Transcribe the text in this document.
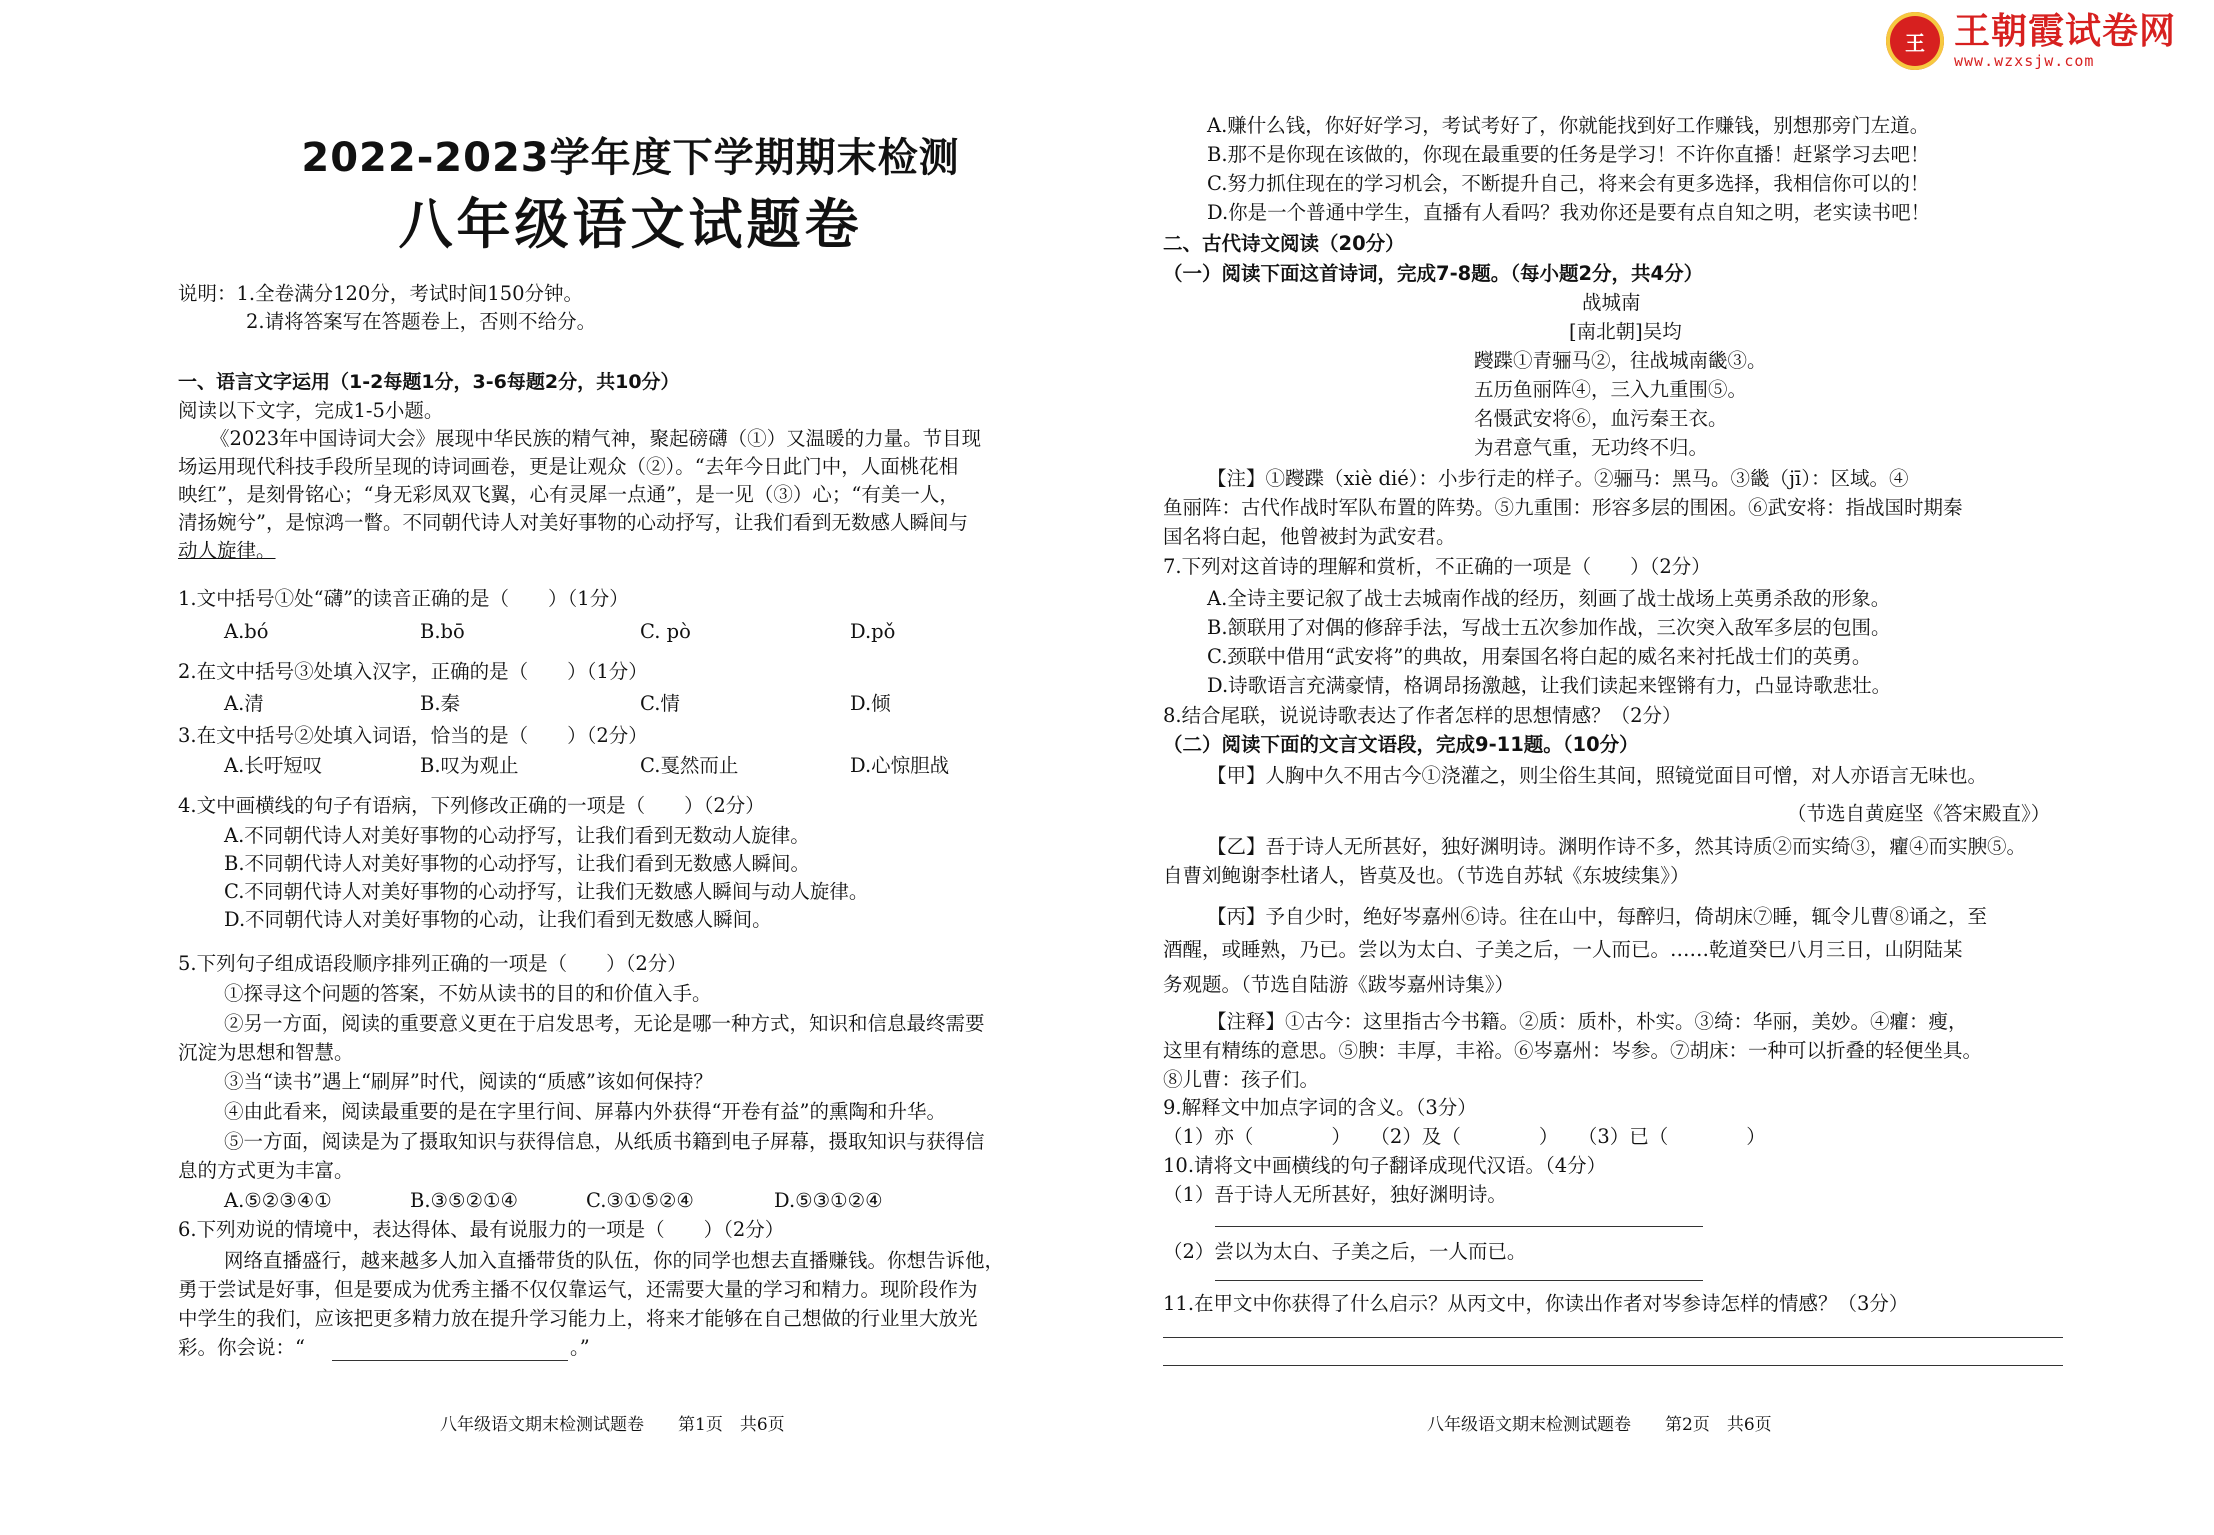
王 王朝霞试卷网
www.wzxsjw.com
2022-2023学年度下学期期末检测
八年级语文试题卷
说明：1.全卷满分120分，考试时间150分钟。
2.请将答案写在答题卷上，否则不给分。
一、语言文字运用（1-2每题1分，3-6每题2分，共10分）
阅读以下文字，完成1-5小题。
《2023年中国诗词大会》展现中华民族的精气神，聚起磅礴（①）又温暖的力量。节目现
场运用现代科技手段所呈现的诗词画卷，更是让观众（②）。“去年今日此门中，人面桃花相
映红”，是刻骨铭心；“身无彩凤双飞翼，心有灵犀一点通”，是一见（③）心；“有美一人，
清扬婉兮”，是惊鸿一瞥。不同朝代诗人对美好事物的心动抒写，让我们看到无数感人瞬间与
动人旋律。
1.文中括号①处“礴”的读音正确的是（　　）（1分）
A.bó	B.bō	C. pò	D.pǒ
2.在文中括号③处填入汉字，正确的是（　　）（1分）
A.清	B.秦	C.情	D.倾
3.在文中括号②处填入词语，恰当的是（　　）（2分）
A.长吁短叹	B.叹为观止	C.戛然而止	D.心惊胆战
4.文中画横线的句子有语病，下列修改正确的一项是（　　）（2分）
A.不同朝代诗人对美好事物的心动抒写，让我们看到无数动人旋律。
B.不同朝代诗人对美好事物的心动抒写，让我们看到无数感人瞬间。
C.不同朝代诗人对美好事物的心动抒写，让我们无数感人瞬间与动人旋律。
D.不同朝代诗人对美好事物的心动，让我们看到无数感人瞬间。
5.下列句子组成语段顺序排列正确的一项是（　　）（2分）
①探寻这个问题的答案，不妨从读书的目的和价值入手。
②另一方面，阅读的重要意义更在于启发思考，无论是哪一种方式，知识和信息最终需要
沉淀为思想和智慧。
③当“读书”遇上“刷屏”时代，阅读的“质感”该如何保持？
④由此看来，阅读最重要的是在字里行间、屏幕内外获得“开卷有益”的熏陶和升华。
⑤一方面，阅读是为了摄取知识与获得信息，从纸质书籍到电子屏幕，摄取知识与获得信
息的方式更为丰富。
A.⑤②③④①	B.③⑤②①④	C.③①⑤②④	D.⑤③①②④
6.下列劝说的情境中，表达得体、最有说服力的一项是（　　）（2分）
网络直播盛行，越来越多人加入直播带货的队伍，你的同学也想去直播赚钱。你想告诉他，
勇于尝试是好事，但是要成为优秀主播不仅仅靠运气，还需要大量的学习和精力。现阶段作为
中学生的我们，应该把更多精力放在提升学习能力上，将来才能够在自己想做的行业里大放光
彩。你会说：“	。”
八年级语文期末检测试题卷　　第1页　共6页
A.赚什么钱，你好好学习，考试考好了，你就能找到好工作赚钱，别想那旁门左道。
B.那不是你现在该做的，你现在最重要的任务是学习！不许你直播！赶紧学习去吧！
C.努力抓住现在的学习机会，不断提升自己，将来会有更多选择，我相信你可以的！
D.你是一个普通中学生，直播有人看吗？我劝你还是要有点自知之明，老实读书吧！
二、古代诗文阅读（20分）
（一）阅读下面这首诗词，完成7-8题。（每小题2分，共4分）
战城南
[南北朝]吴均
躞蹀①青骊马②，往战城南畿③。
五历鱼丽阵④，三入九重围⑤。
名慑武安将⑥，血污秦王衣。
为君意气重，无功终不归。
【注】①躞蹀（xiè dié）：小步行走的样子。②骊马：黑马。③畿（jī）：区域。④
鱼丽阵：古代作战时军队布置的阵势。⑤九重围：形容多层的围困。⑥武安将：指战国时期秦
国名将白起，他曾被封为武安君。
7.下列对这首诗的理解和赏析，不正确的一项是（　　）（2分）
A.全诗主要记叙了战士去城南作战的经历，刻画了战士战场上英勇杀敌的形象。
B.颔联用了对偶的修辞手法，写战士五次参加作战，三次突入敌军多层的包围。
C.颈联中借用“武安将”的典故，用秦国名将白起的威名来衬托战士们的英勇。
D.诗歌语言充满豪情，格调昂扬激越，让我们读起来铿锵有力，凸显诗歌悲壮。
8.结合尾联，说说诗歌表达了作者怎样的思想情感？（2分）
（二）阅读下面的文言文语段，完成9-11题。（10分）
【甲】人胸中久不用古今①浇灌之，则尘俗生其间，照镜觉面目可憎，对人亦语言无味也。
（节选自黄庭坚《答宋殿直》）
【乙】吾于诗人无所甚好，独好渊明诗。渊明作诗不多，然其诗质②而实绮③，癯④而实腴⑤。
自曹刘鲍谢李杜诸人，皆莫及也。（节选自苏轼《东坡续集》）
【丙】予自少时，绝好岑嘉州⑥诗。往在山中，每醉归，倚胡床⑦睡，辄令儿曹⑧诵之，至
酒醒，或睡熟，乃已。尝以为太白、子美之后，一人而已。……乾道癸巳八月三日，山阴陆某
务观题。（节选自陆游《跋岑嘉州诗集》）
【注释】①古今：这里指古今书籍。②质：质朴，朴实。③绮：华丽，美妙。④癯：瘦，
这里有精练的意思。⑤腴：丰厚，丰裕。⑥岑嘉州：岑参。⑦胡床：一种可以折叠的轻便坐具。
⑧儿曹：孩子们。
9.解释文中加点字词的含义。（3分）
（1）亦（　　　　）　　（2）及（　　　　）　　（3）已（　　　　）
10.请将文中画横线的句子翻译成现代汉语。（4分）
（1）吾于诗人无所甚好，独好渊明诗。
（2）尝以为太白、子美之后，一人而已。
11.在甲文中你获得了什么启示？从丙文中，你读出作者对岑参诗怎样的情感？（3分）
八年级语文期末检测试题卷　　第2页　共6页
